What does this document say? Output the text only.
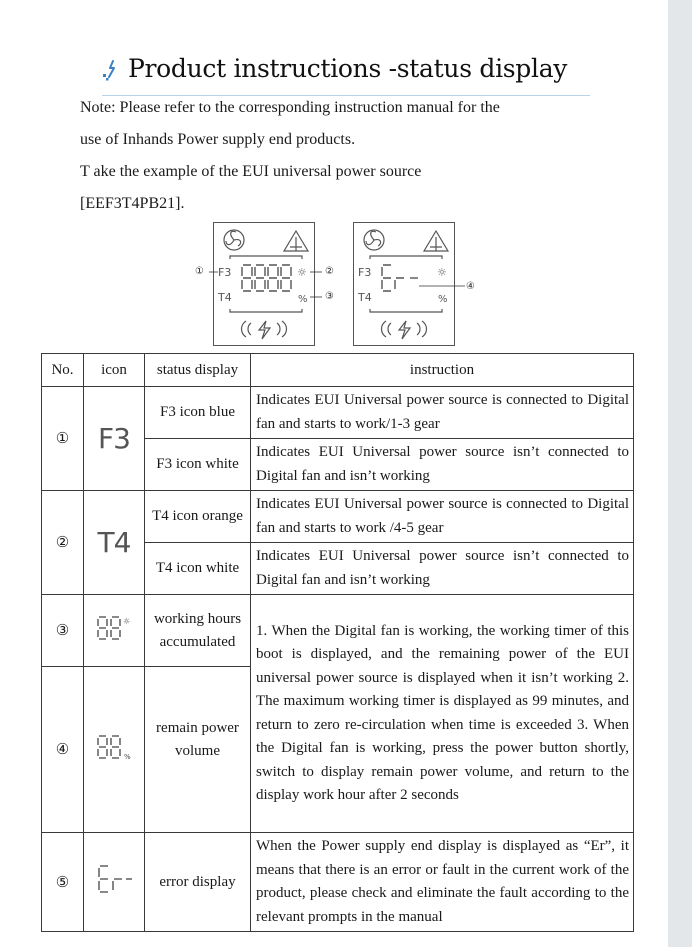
Product instructions -status display
Note: Please refer to the corresponding instruction manual for the
use of Inhands Power supply end products.
T ake the example of the EUI universal power source
[EEF3T4PB21].
F3
T4
☼
%
①	②
③
F3
T4
☼
%
④
No.	icon	status display	instruction
①	F3	F3 icon blue	Indicates EUI Universal power source is connected to Digital fan and starts to work/1-3 gear
		F3 icon white	Indicates EUI Universal power source isn’t connected to Digital fan and isn’t working
②	T4	T4 icon orange	Indicates EUI Universal power source is connected to Digital fan and starts to work /4-5 gear
		T4 icon white	Indicates EUI Universal power source isn’t connected to Digital fan and isn’t working
③	☼	working hours accumulated	1. When the Digital fan is working, the working timer of this boot is displayed, and the remaining power of the EUI universal power source is displayed when it isn’t working 2. The maximum working timer is displayed as 99 minutes, and return to zero re-circulation when time is exceeded 3. When the Digital fan is working, press the power button shortly, switch to display remain power volume, and return to the display work hour after 2 seconds
④	%	remain power volume	
⑤		error display	When the Power supply end display is displayed as “Er”, it means that there is an error or fault in the current work of the product, please check and eliminate the fault according to the relevant prompts in the manual
